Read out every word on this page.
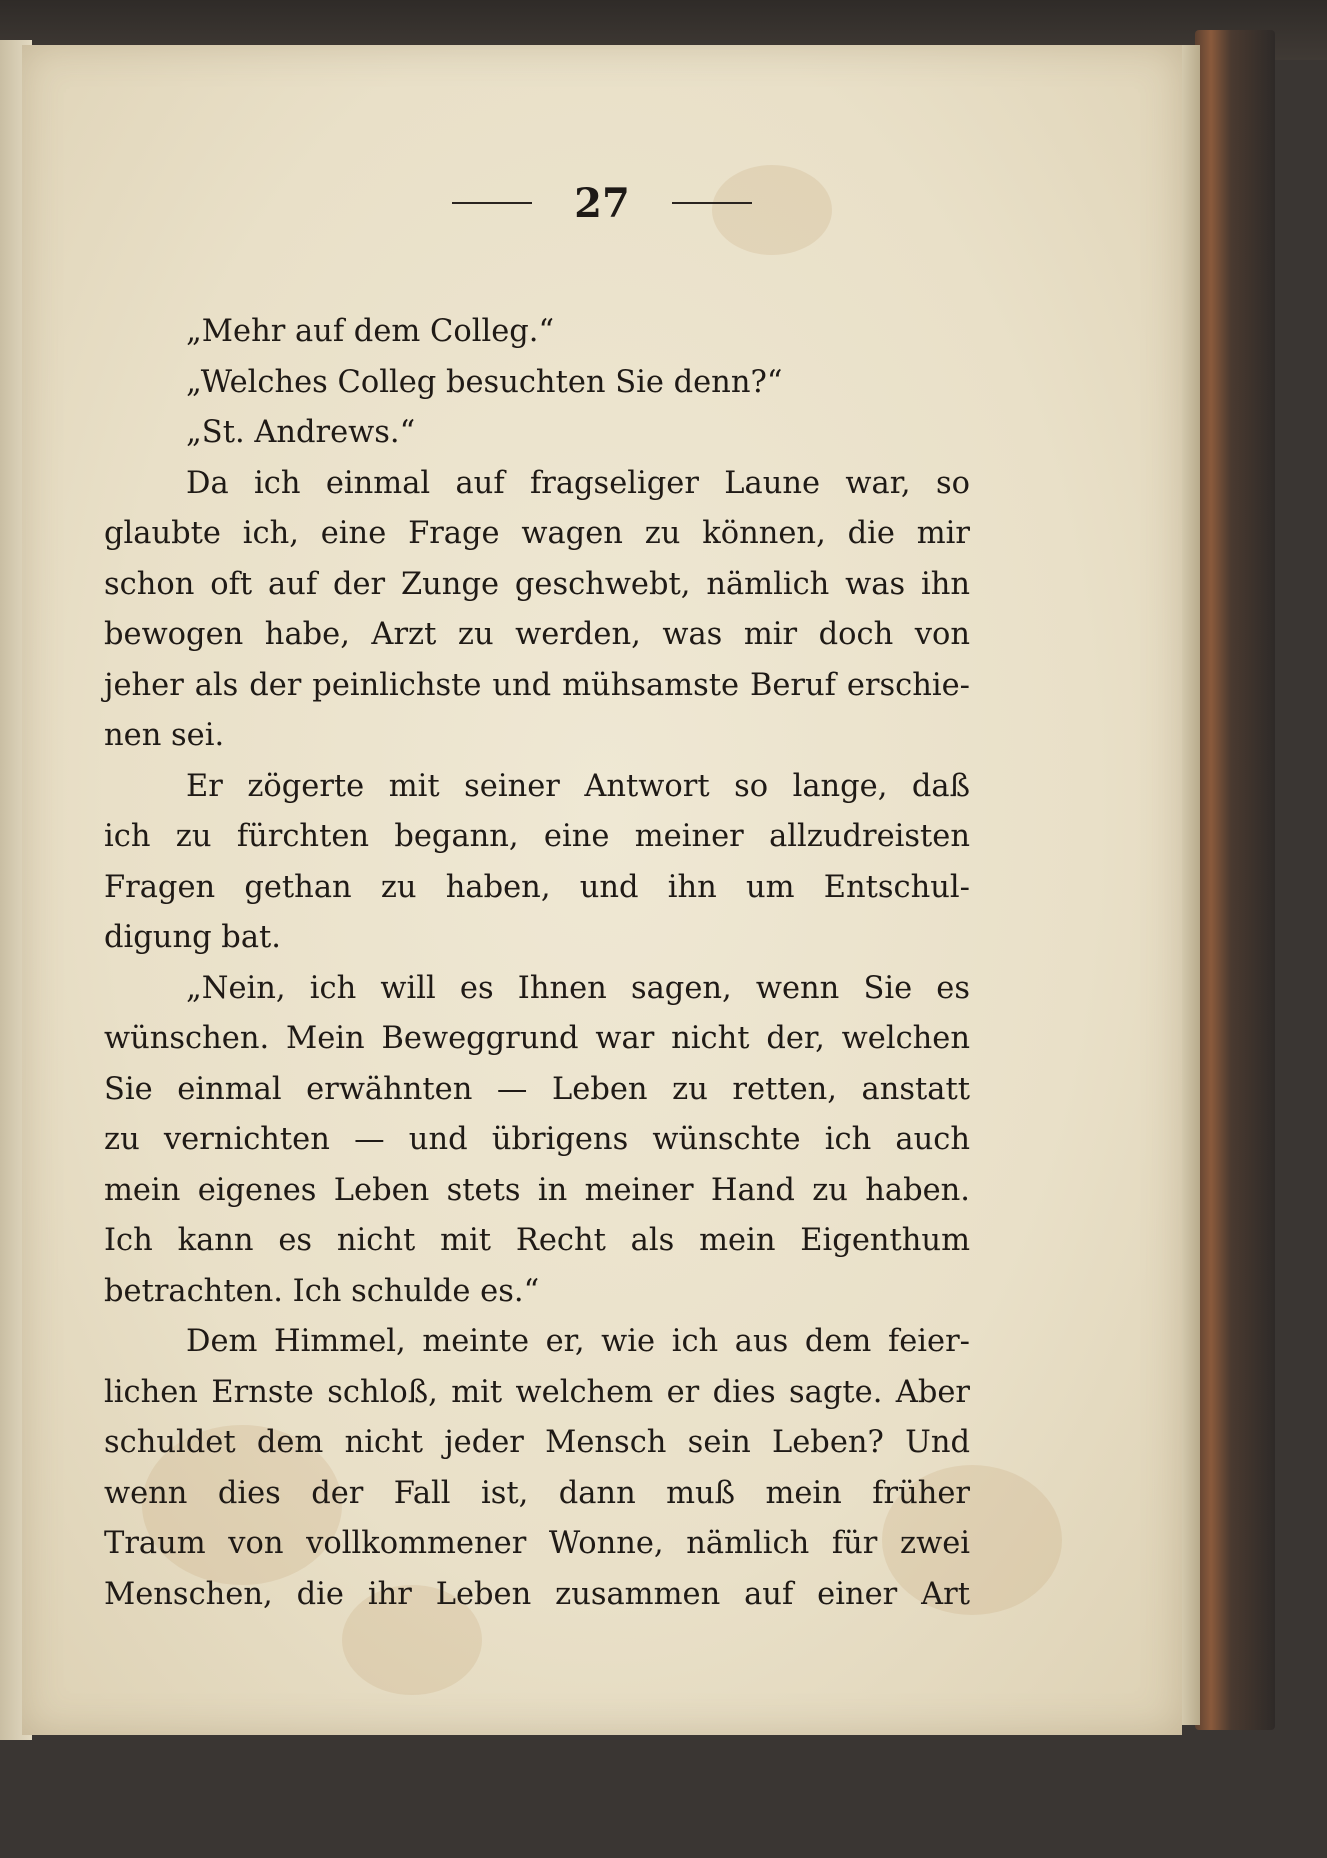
27
„Mehr auf dem Colleg.“
„Welches Colleg besuchten Sie denn?“
„St. Andrews.“
Da ich einmal auf fragseliger Laune war, so
glaubte ich, eine Frage wagen zu können, die mir
schon oft auf der Zunge geschwebt, nämlich was ihn
bewogen habe, Arzt zu werden, was mir doch von
jeher als der peinlichste und mühsamste Beruf erschie-
nen sei.
Er zögerte mit seiner Antwort so lange, daß
ich zu fürchten begann, eine meiner allzudreisten
Fragen gethan zu haben, und ihn um Entschul-
digung bat.
„Nein, ich will es Ihnen sagen, wenn Sie es
wünschen. Mein Beweggrund war nicht der, welchen
Sie einmal erwähnten — Leben zu retten, anstatt
zu vernichten — und übrigens wünschte ich auch
mein eigenes Leben stets in meiner Hand zu haben.
Ich kann es nicht mit Recht als mein Eigenthum
betrachten. Ich schulde es.“
Dem Himmel, meinte er, wie ich aus dem feier-
lichen Ernste schloß, mit welchem er dies sagte. Aber
schuldet dem nicht jeder Mensch sein Leben? Und
wenn dies der Fall ist, dann muß mein früher
Traum von vollkommener Wonne, nämlich für zwei
Menschen, die ihr Leben zusammen auf einer Art
